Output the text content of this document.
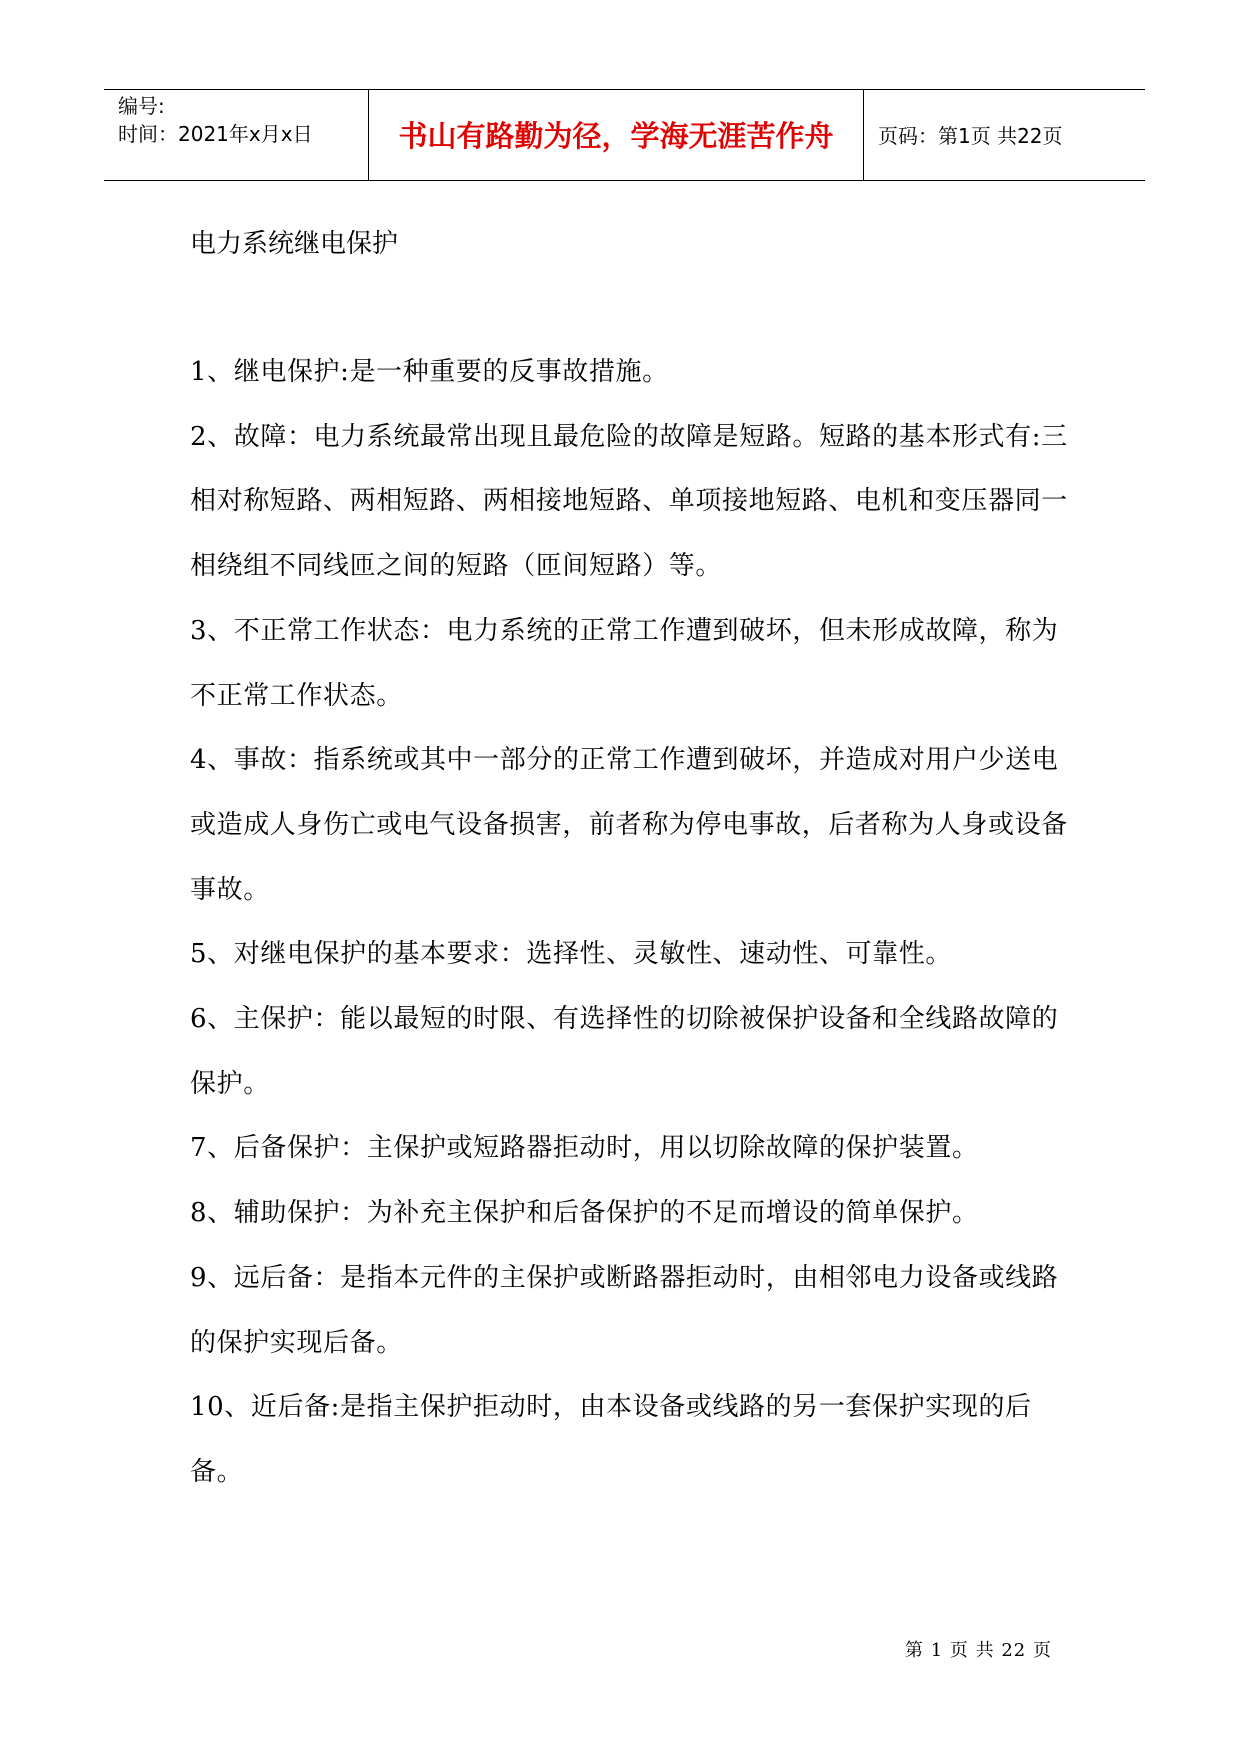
编号:
时间：2021年x月x日	书山有路勤为径，学海无涯苦作舟	页码：第1页 共22页
电力系统继电保护

1、继电保护:是一种重要的反事故措施。

2、故障：电力系统最常出现且最危险的故障是短路。短路的基本形式有:三相对称短路、两相短路、两相接地短路、单项接地短路、电机和变压器同一相绕组不同线匝之间的短路（匝间短路）等。

3、不正常工作状态：电力系统的正常工作遭到破坏，但未形成故障，称为不正常工作状态。

4、事故：指系统或其中一部分的正常工作遭到破坏，并造成对用户少送电或造成人身伤亡或电气设备损害，前者称为停电事故，后者称为人身或设备事故。

5、对继电保护的基本要求：选择性、灵敏性、速动性、可靠性。

6、主保护：能以最短的时限、有选择性的切除被保护设备和全线路故障的保护。

7、后备保护：主保护或短路器拒动时，用以切除故障的保护装置。

8、辅助保护：为补充主保护和后备保护的不足而增设的简单保护。

9、远后备：是指本元件的主保护或断路器拒动时，由相邻电力设备或线路的保护实现后备。

10、近后备:是指主保护拒动时，由本设备或线路的另一套保护实现的后备。

第 1 页 共 22 页
